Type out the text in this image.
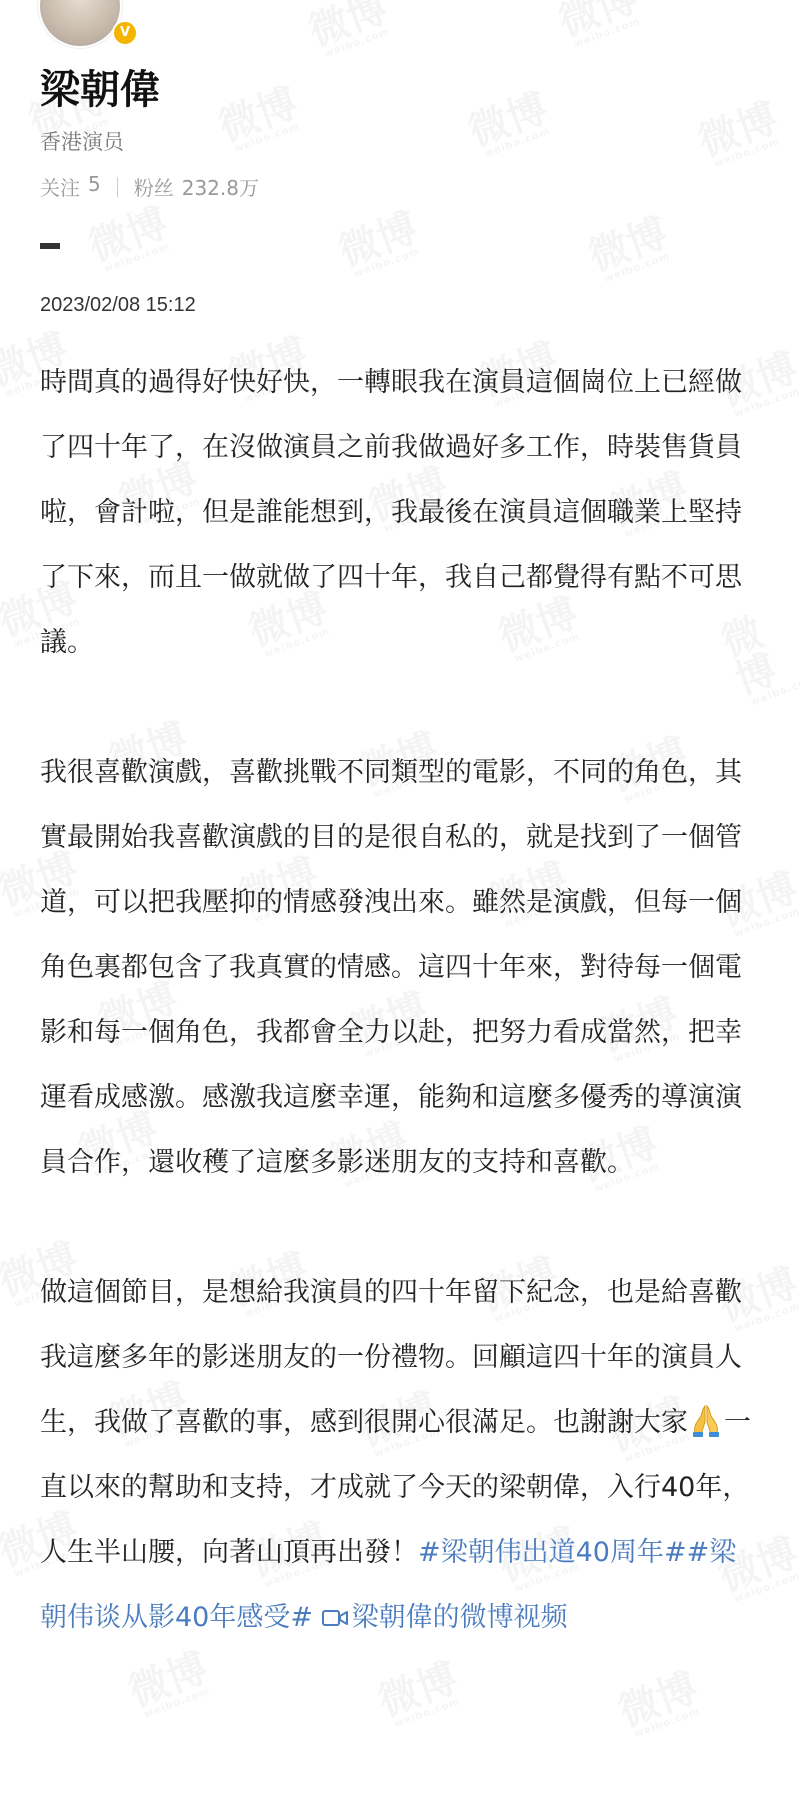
V
梁朝偉
香港演员
关注 5 粉丝 232.8万
2023/02/08 15:12

時間真的過得好快好快，一轉眼我在演員這個崗位上已經做了四十年了，在沒做演員之前我做過好多工作，時裝售貨員啦，會計啦，但是誰能想到，我最後在演員這個職業上堅持了下來，而且一做就做了四十年，我自己都覺得有點不可思議。

我很喜歡演戲，喜歡挑戰不同類型的電影，不同的角色，其實最開始我喜歡演戲的目的是很自私的，就是找到了一個管道，可以把我壓抑的情感發洩出來。雖然是演戲，但每一個角色裏都包含了我真實的情感。這四十年來，對待每一個電影和每一個角色，我都會全力以赴，把努力看成當然，把幸運看成感激。感激我這麼幸運，能夠和這麼多優秀的導演演員合作，還收穫了這麼多影迷朋友的支持和喜歡。

做這個節目，是想給我演員的四十年留下紀念，也是給喜歡我這麼多年的影迷朋友的一份禮物。回顧這四十年的演員人生，我做了喜歡的事，感到很開心很滿足。也謝謝大家 一直以來的幫助和支持，才成就了今天的梁朝偉，入行40年，人生半山腰，向著山頂再出發！#梁朝伟出道40周年##梁朝伟谈从影40年感受# 梁朝偉的微博视频
